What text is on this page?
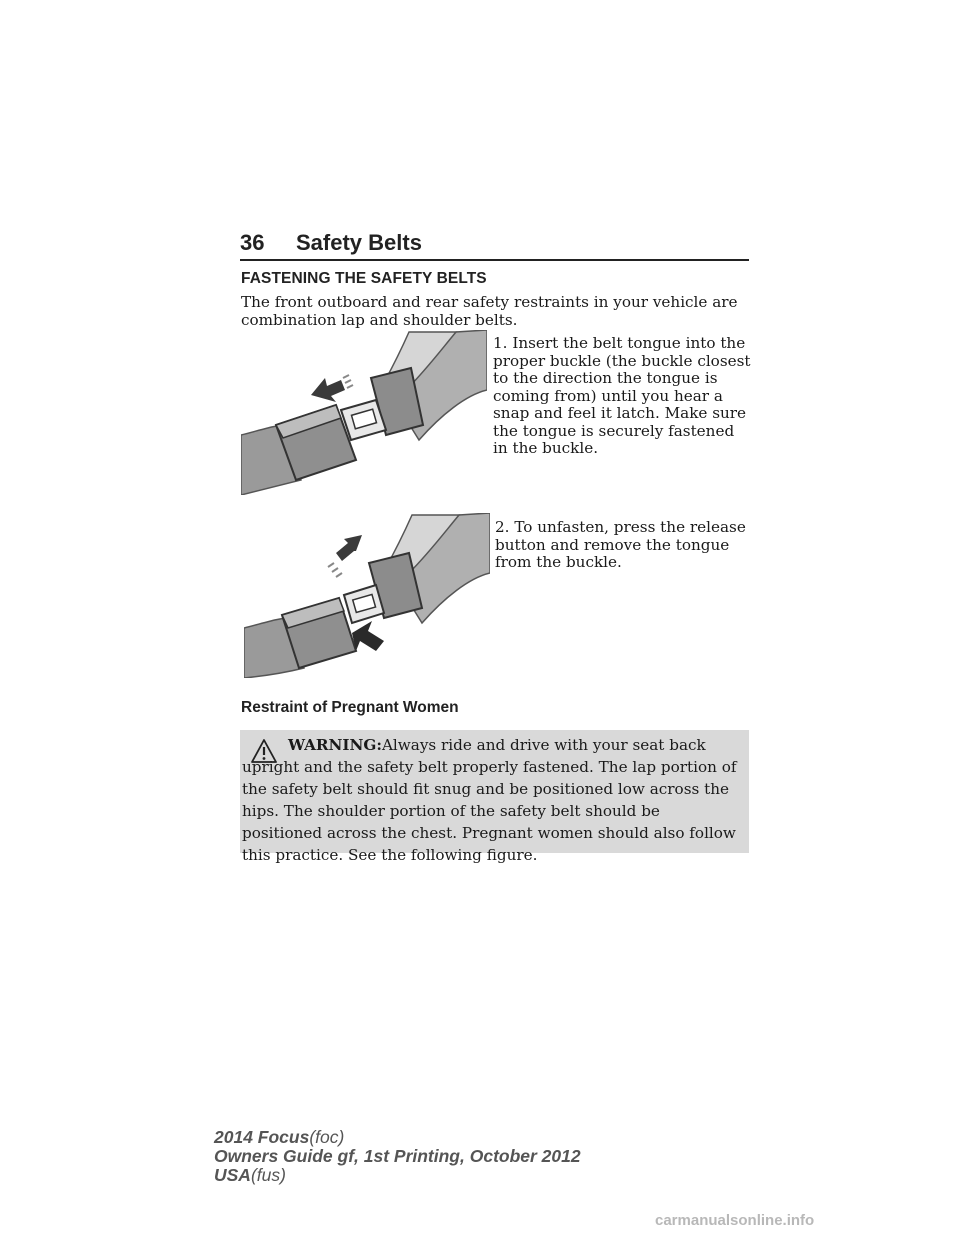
36 Safety Belts
FASTENING THE SAFETY BELTS
The front outboard and rear safety restraints in your vehicle are combination lap and shoulder belts.
1. Insert the belt tongue into the proper buckle (the buckle closest to the direction the tongue is coming from) until you hear a snap and feel it latch. Make sure the tongue is securely fastened in the buckle.
2. To unfasten, press the release button and remove the tongue from the buckle.
Restraint of Pregnant Women
WARNING:Always ride and drive with your seat back upright and the safety belt properly fastened. The lap portion of the safety belt should fit snug and be positioned low across the hips. The shoulder portion of the safety belt should be positioned across the chest. Pregnant women should also follow this practice. See the following figure.
2014 Focus(foc)
Owners Guide gf, 1st Printing, October 2012
USA(fus)
carmanualsonline.info
